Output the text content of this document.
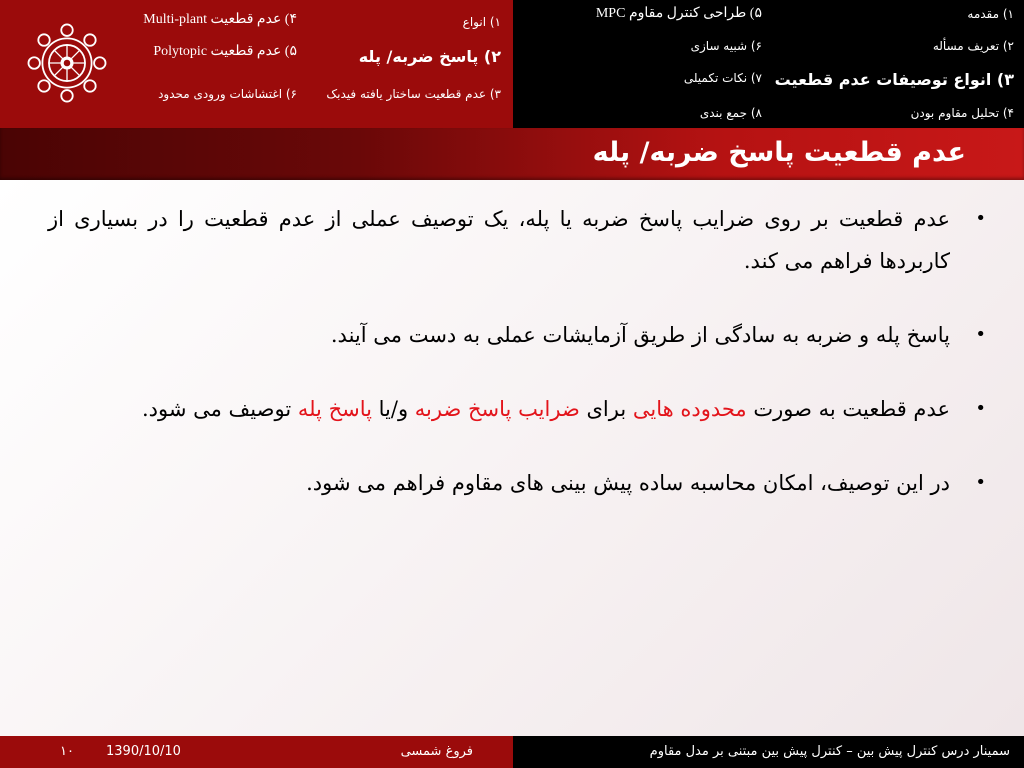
۴) عدم قطعیت Multi-plant
۵) عدم قطعیت Polytopic
۶) اغتشاشات ورودی محدود
۱) انواع
۲) پاسخ ضربه/ پله
۳) عدم قطعیت ساختار یافته فیدبک
۵) طراحی کنترل مقاوم MPC
۶) شبیه سازی
۷) نکات تکمیلی
۸) جمع بندی
۱) مقدمه
۲) تعریف مسأله
۳) انواع توصیفات عدم قطعیت
۴) تحلیل مقاوم بودن
عدم قطعیت پاسخ ضربه/ پله
• عدم قطعیت بر روی ضرایب پاسخ ضربه یا پله، یک توصیف عملی از عدم قطعیت را در بسیاری از کاربردها فراهم می کند.
• پاسخ پله و ضربه به سادگی از طریق آزمایشات عملی به دست می آیند.
• عدم قطعیت به صورت محدوده هایی برای ضرایب پاسخ ضربه و/یا پاسخ پله توصیف می شود.
• در این توصیف، امکان محاسبه ساده پیش بینی های مقاوم فراهم می شود.
۱۰ 1390/10/10	فروغ شمسی	سمینار درس کنترل پیش بین – کنترل پیش بین مبتنی بر مدل مقاوم
